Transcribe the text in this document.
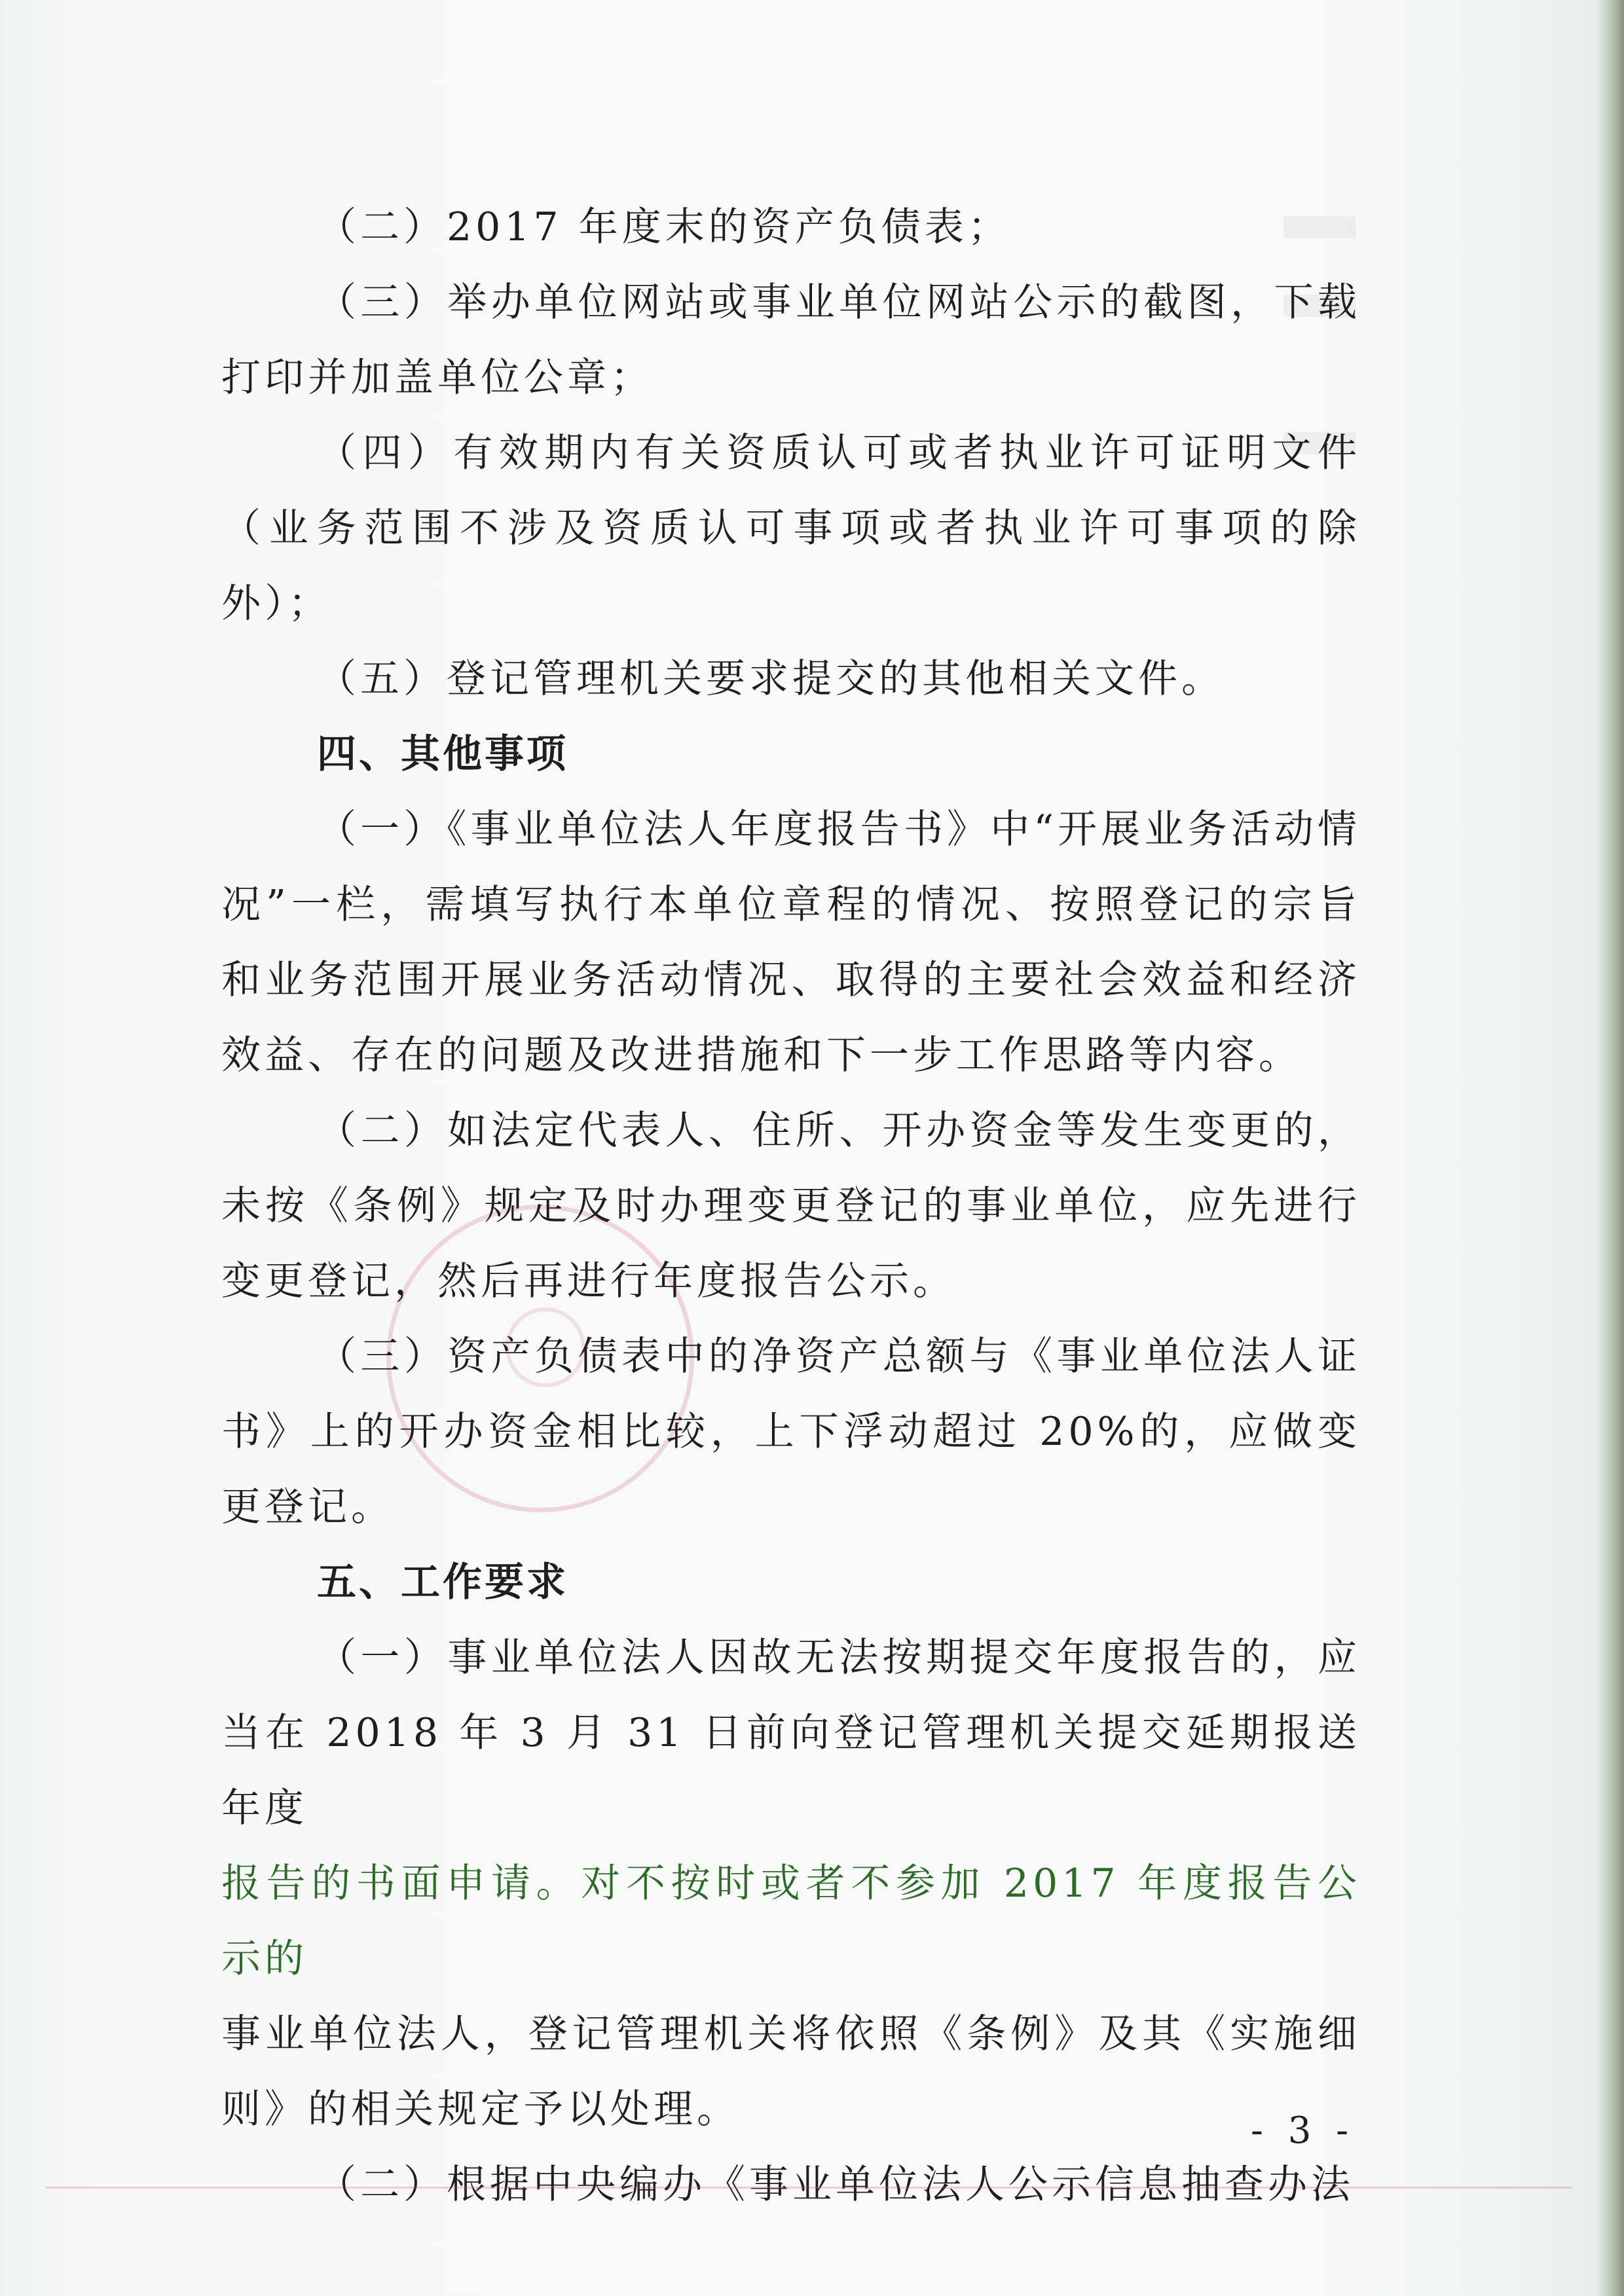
（二）2017 年度末的资产负债表；

（三）举办单位网站或事业单位网站公示的截图，下载打印并加盖单位公章；

（四）有效期内有关资质认可或者执业许可证明文件（业务范围不涉及资质认可事项或者执业许可事项的除外）；

（五）登记管理机关要求提交的其他相关文件。

四、其他事项

（一）《事业单位法人年度报告书》中“开展业务活动情况”一栏，需填写执行本单位章程的情况、按照登记的宗旨和业务范围开展业务活动情况、取得的主要社会效益和经济效益、存在的问题及改进措施和下一步工作思路等内容。

（二）如法定代表人、住所、开办资金等发生变更的，未按《条例》规定及时办理变更登记的事业单位，应先进行变更登记，然后再进行年度报告公示。

（三）资产负债表中的净资产总额与《事业单位法人证书》上的开办资金相比较，上下浮动超过 20%的，应做变更登记。

五、工作要求

（一）事业单位法人因故无法按期提交年度报告的，应当在 2018 年 3 月 31 日前向登记管理机关提交延期报送年度

报告的书面申请。对不按时或者不参加 2017 年度报告公示的

事业单位法人，登记管理机关将依照《条例》及其《实施细则》的相关规定予以处理。

（二）根据中央编办《事业单位法人公示信息抽查办法

- 3 -
